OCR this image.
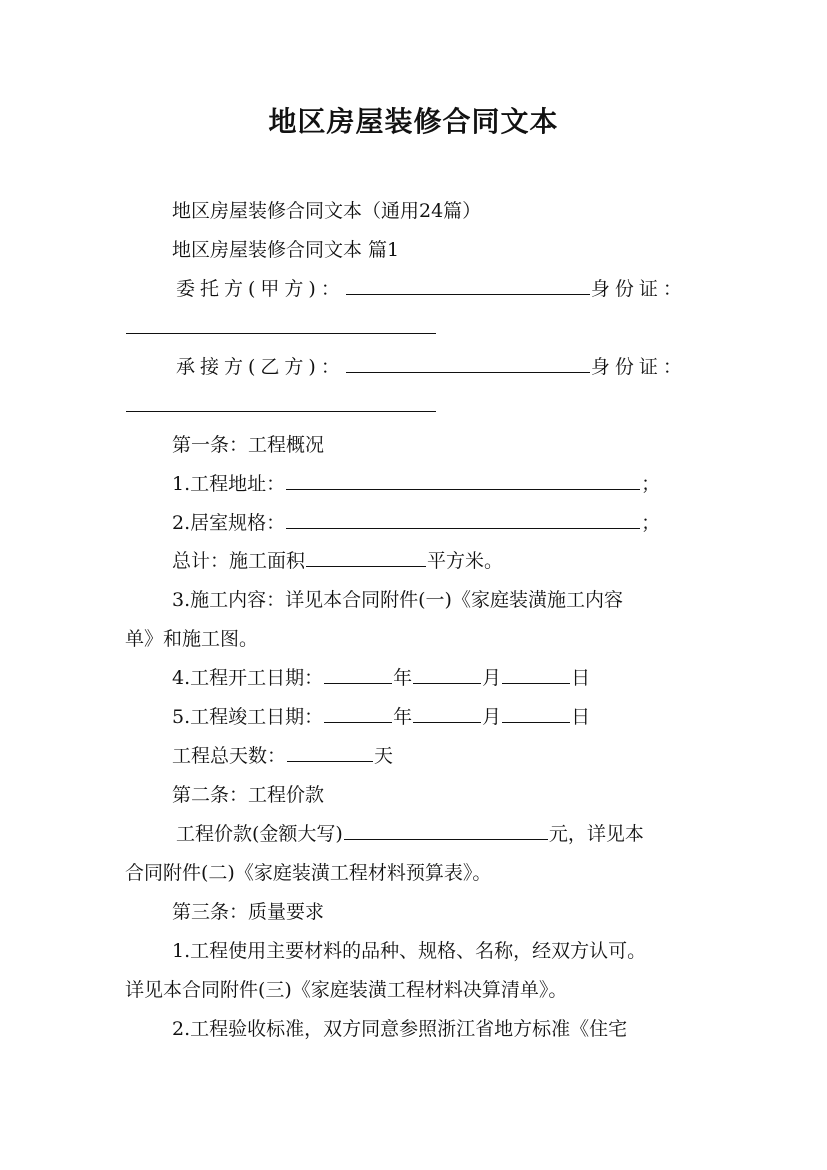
地区房屋装修合同文本
地区房屋装修合同文本（通用24篇）
地区房屋装修合同文本 篇1
委托方(甲方)：	身份证：
承接方(乙方)：	身份证：
第一条：工程概况
1.工程地址：	；
2.居室规格：	；
总计：施工面积	平方米。
3.施工内容：详见本合同附件(一)《家庭装潢施工内容
单》和施工图。
4.工程开工日期：	年	月	日
5.工程竣工日期：	年	月	日
工程总天数：	天
第二条：工程价款
工程价款(金额大写)	元，详见本
合同附件(二)《家庭装潢工程材料预算表》。
第三条：质量要求
1.工程使用主要材料的品种、规格、名称，经双方认可。
详见本合同附件(三)《家庭装潢工程材料决算清单》。
2.工程验收标准，双方同意参照浙江省地方标准《住宅
